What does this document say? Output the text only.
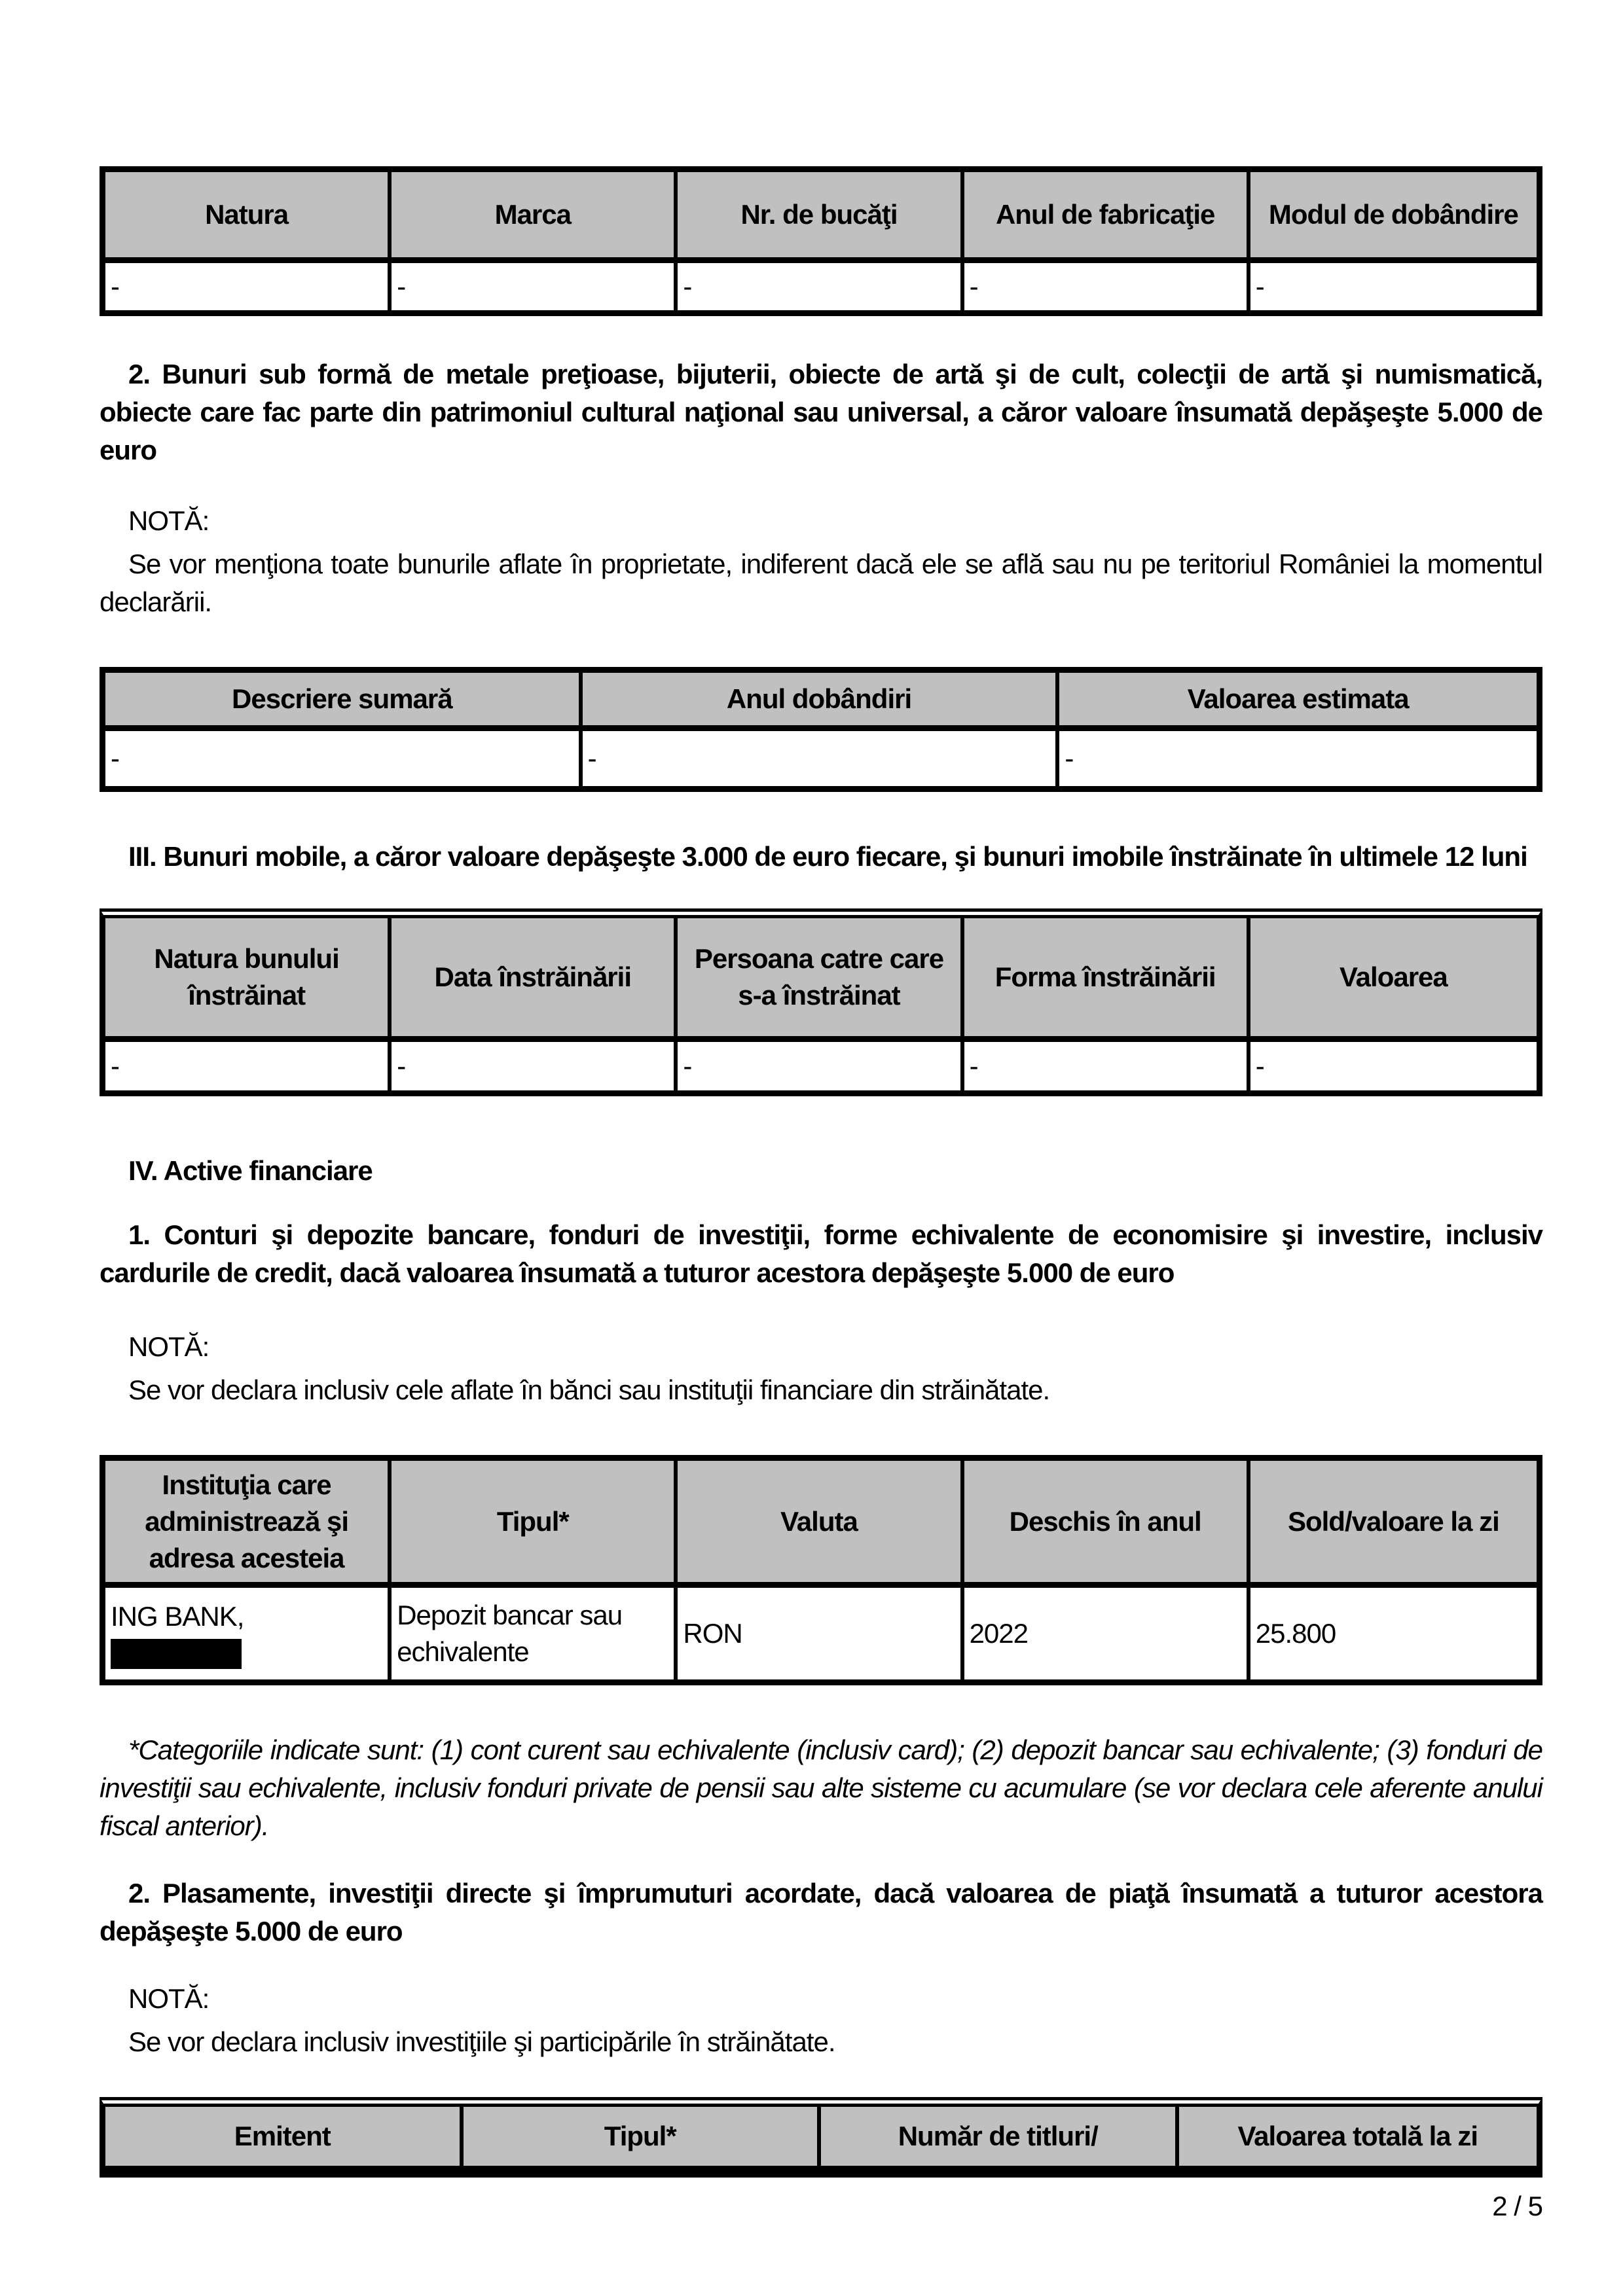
Natura	Marca	Nr. de bucăţi	Anul de fabricaţie	Modul de dobândire
-	-	-	-	-

2. Bunuri sub formă de metale preţioase, bijuterii, obiecte de artă şi de cult, colecţii de artă şi numismatică, obiecte care fac parte din patrimoniul cultural naţional sau universal, a căror valoare însumată depăşeşte 5.000 de euro

NOTĂ:

Se vor menţiona toate bunurile aflate în proprietate, indiferent dacă ele se află sau nu pe teritoriul României la momentul declarării.

Descriere sumară	Anul dobândiri	Valoarea estimata
-	-	-

III. Bunuri mobile, a căror valoare depăşeşte 3.000 de euro fiecare, şi bunuri imobile înstrăinate în ultimele 12 luni

Natura bunului înstrăinat	Data înstrăinării	Persoana catre care s-a înstrăinat	Forma înstrăinării	Valoarea
-	-	-	-	-

IV. Active financiare

1. Conturi şi depozite bancare, fonduri de investiţii, forme echivalente de economisire şi investire, inclusiv cardurile de credit, dacă valoarea însumată a tuturor acestora depăşeşte 5.000 de euro

NOTĂ:

Se vor declara inclusiv cele aflate în bănci sau instituţii financiare din străinătate.

Instituţia care administrează şi adresa acesteia	Tipul*	Valuta	Deschis în anul	Sold/valoare la zi

ING BANK,	Depozit bancar sau echivalente	RON	2022	25.800

*Categoriile indicate sunt: (1) cont curent sau echivalente (inclusiv card); (2) depozit bancar sau echivalente; (3) fonduri de investiţii sau echivalente, inclusiv fonduri private de pensii sau alte sisteme cu acumulare (se vor declara cele aferente anului fiscal anterior).

2. Plasamente, investiţii directe şi împrumuturi acordate, dacă valoarea de piaţă însumată a tuturor acestora depăşeşte 5.000 de euro

NOTĂ:

Se vor declara inclusiv investiţiile şi participările în străinătate.

Emitent	Tipul*	Număr de titluri/	Valoarea totală la zi

2 / 5
